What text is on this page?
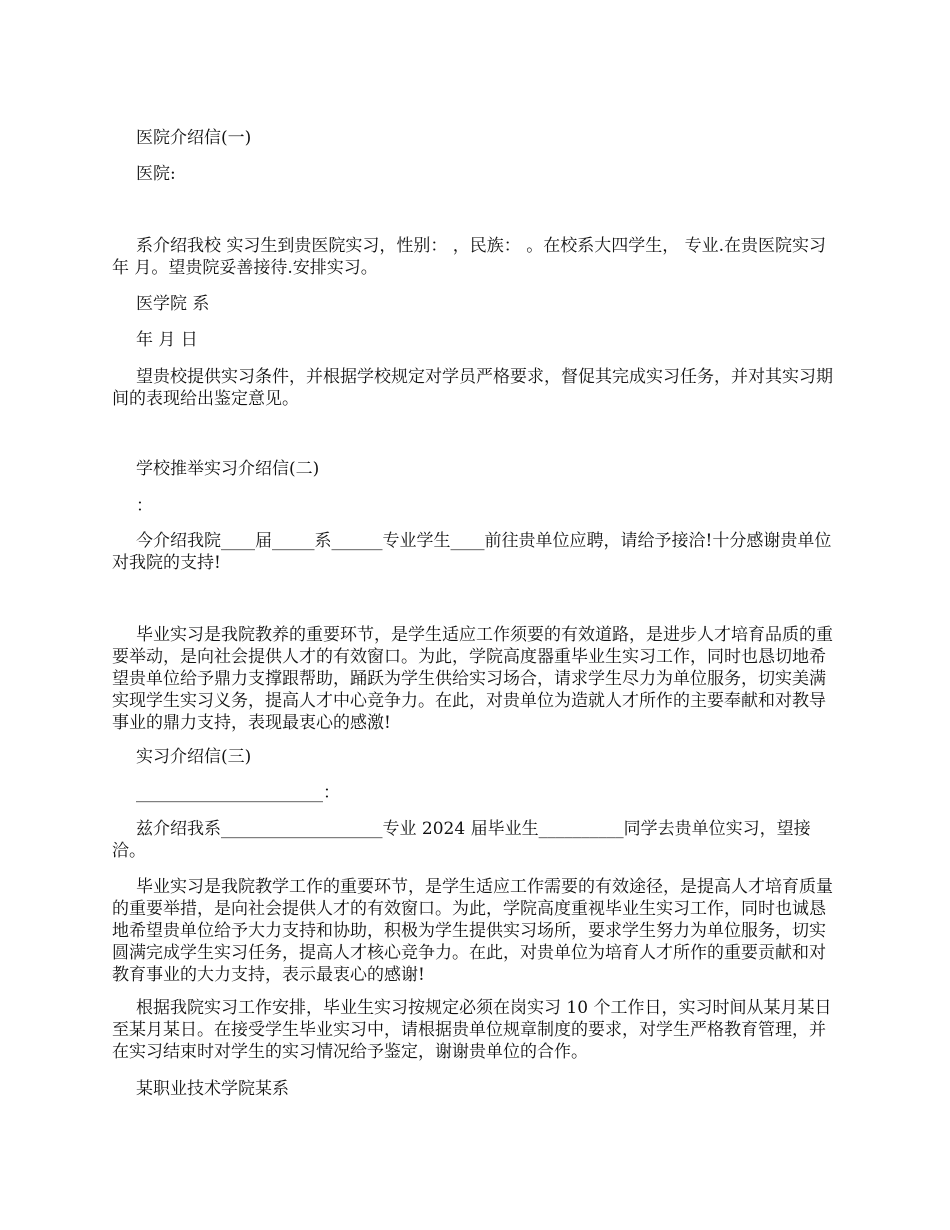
医院介绍信(一)

医院:

系介绍我校 实习生到贵医院实习，性别： ，民族： 。在校系大四学生， 专业.在贵医院实习 年 月。望贵院妥善接待.安排实习。

医学院 系

年 月 日

望贵校提供实习条件，并根据学校规定对学员严格要求，督促其完成实习任务，并对其实习期间的表现给出鉴定意见。

学校推举实习介绍信(二)

：

今介绍我院____届_____系______专业学生____前往贵单位应聘，请给予接洽!十分感谢贵单位对我院的支持!

毕业实习是我院教养的重要环节，是学生适应工作须要的有效道路，是进步人才培育品质的重要举动，是向社会提供人才的有效窗口。为此，学院高度器重毕业生实习工作，同时也恳切地希望贵单位给予鼎力支撑跟帮助，踊跃为学生供给实习场合，请求学生尽力为单位服务，切实美满实现学生实习义务，提高人才中心竞争力。在此，对贵单位为造就人才所作的主要奉献和对教导事业的鼎力支持，表现最衷心的感激!

实习介绍信(三)

______________________：

兹介绍我系___________________专业 2024 届毕业生__________同学去贵单位实习，望接洽。

毕业实习是我院教学工作的重要环节，是学生适应工作需要的有效途径，是提高人才培育质量的重要举措，是向社会提供人才的有效窗口。为此，学院高度重视毕业生实习工作，同时也诚恳地希望贵单位给予大力支持和协助，积极为学生提供实习场所，要求学生努力为单位服务，切实圆满完成学生实习任务，提高人才核心竞争力。在此，对贵单位为培育人才所作的重要贡献和对教育事业的大力支持，表示最衷心的感谢!

根据我院实习工作安排，毕业生实习按规定必须在岗实习 10 个工作日，实习时间从某月某日至某月某日。在接受学生毕业实习中，请根据贵单位规章制度的要求，对学生严格教育管理，并在实习结束时对学生的实习情况给予鉴定，谢谢贵单位的合作。

某职业技术学院某系
